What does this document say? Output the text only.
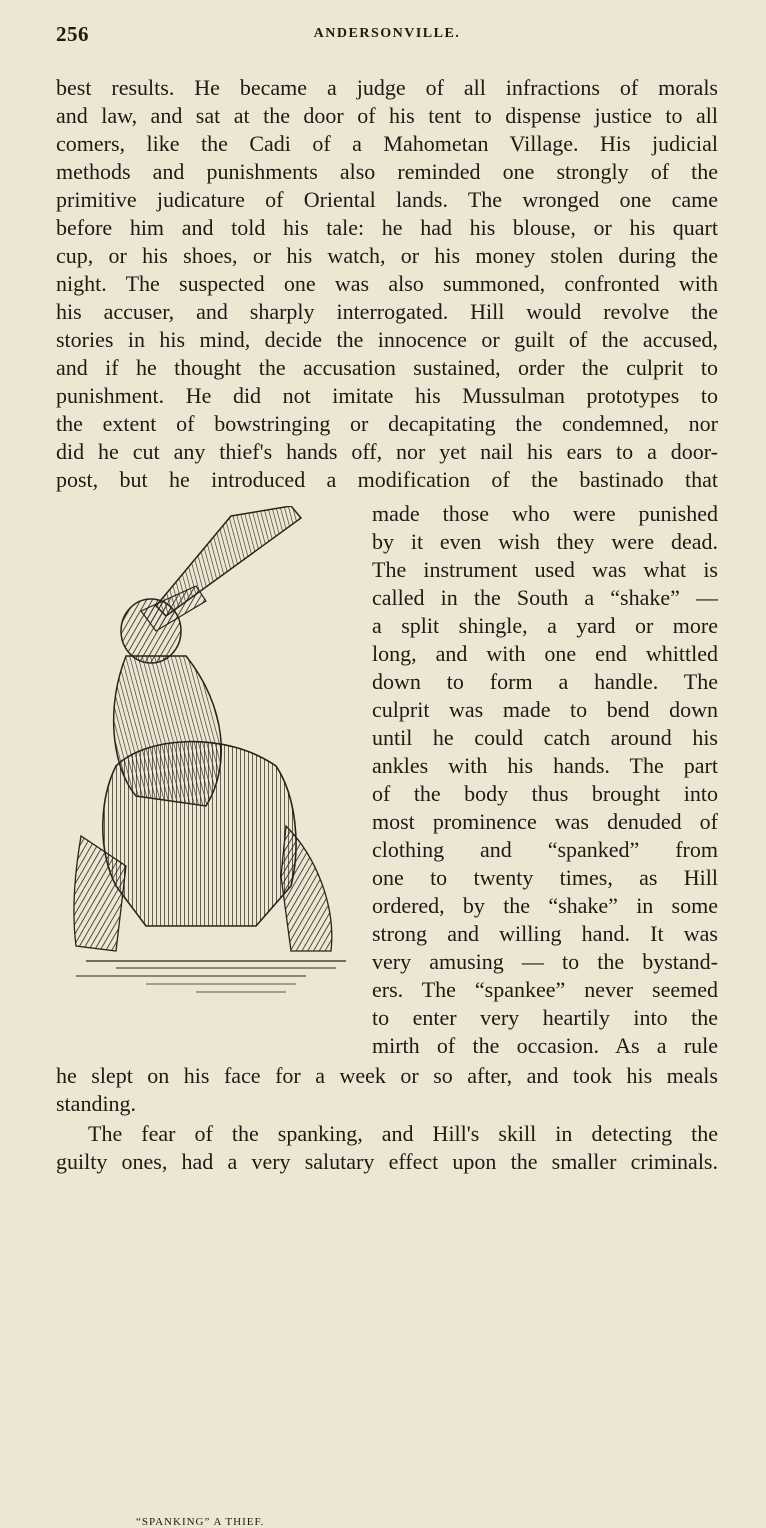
256	ANDERSONVILLE.
best results. He became a judge of all infractions of morals
and law, and sat at the door of his tent to dispense justice to all
comers, like the Cadi of a Mahometan Village. His judicial
methods and punishments also reminded one strongly of the
primitive judicature of Oriental lands. The wronged one came
before him and told his tale: he had his blouse, or his quart
cup, or his shoes, or his watch, or his money stolen during the
night. The suspected one was also summoned, confronted with
his accuser, and sharply interrogated. Hill would revolve the
stories in his mind, decide the innocence or guilt of the accused,
and if he thought the accusation sustained, order the culprit to
punishment. He did not imitate his Mussulman prototypes to
the extent of bowstringing or decapitating the condemned, nor
did he cut any thief's hands off, nor yet nail his ears to a door-
post, but he introduced a modification of the bastinado that
made those who were punished
by it even wish they were dead.
The instrument used was what is
called in the South a “shake” —
a split shingle, a yard or more
long, and with one end whittled
down to form a handle. The
culprit was made to bend down
until he could catch around his
ankles with his hands. The part
of the body thus brought into
most prominence was denuded of
clothing and “spanked” from
one to twenty times, as Hill
ordered, by the “shake” in some
strong and willing hand. It was
very amusing — to the bystand-
ers. The “spankee” never seemed
to enter very heartily into the
mirth of the occasion. As a rule
he slept on his face for a week or so after, and took his meals
standing.
The fear of the spanking, and Hill's skill in detecting the
guilty ones, had a very salutary effect upon the smaller criminals.
“SPANKING” A THIEF.
